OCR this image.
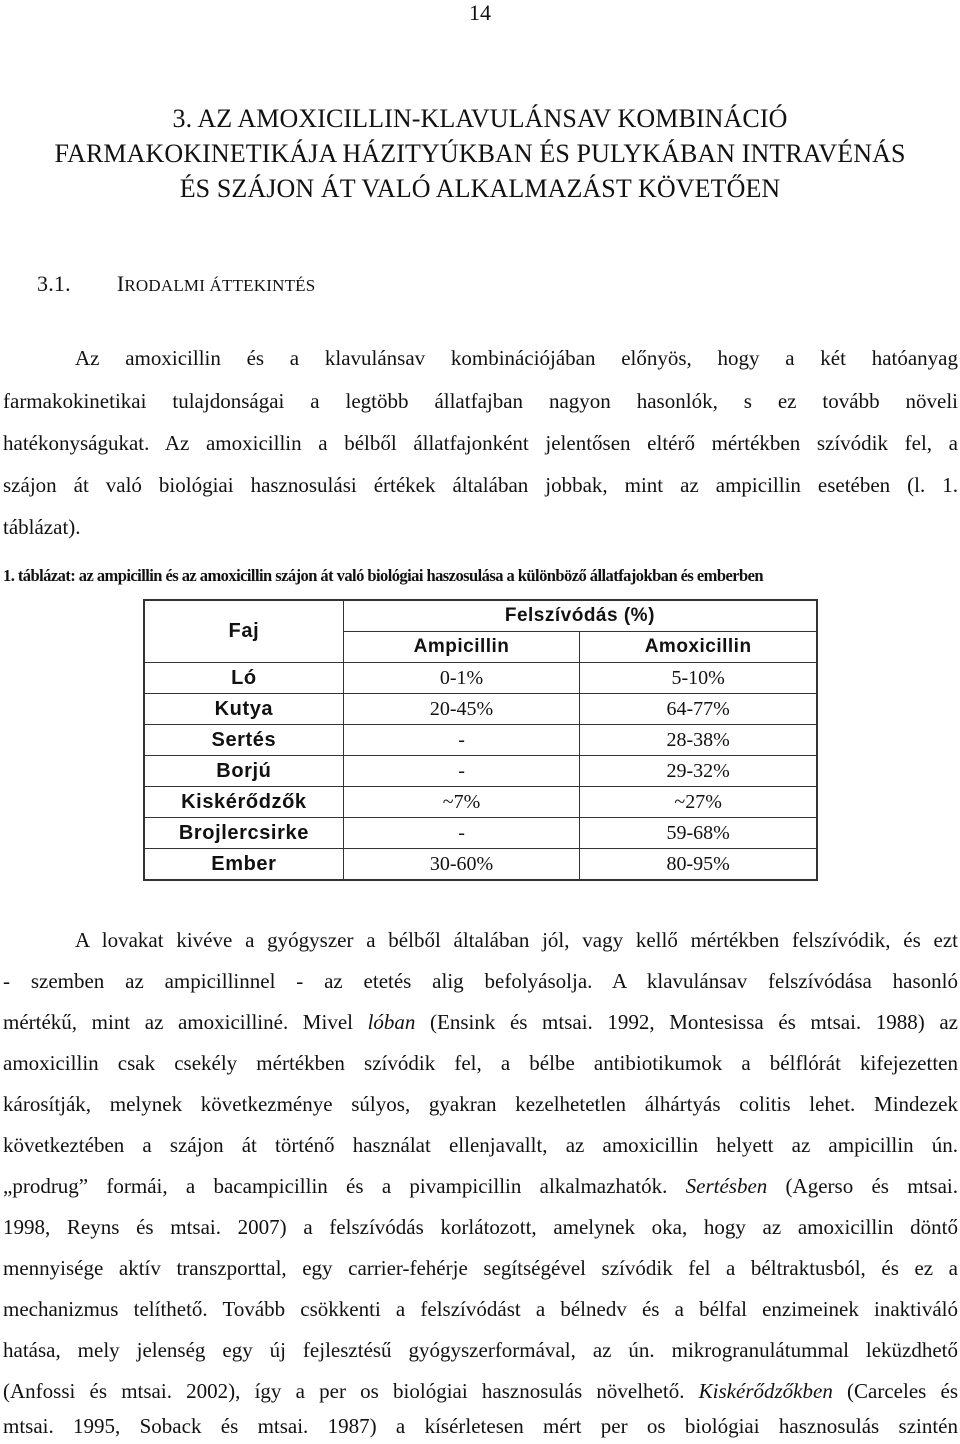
14
3. AZ AMOXICILLIN-KLAVULÁNSAV KOMBINÁCIÓ
FARMAKOKINETIKÁJA HÁZITYÚKBAN ÉS PULYKÁBAN INTRAVÉNÁS
ÉS SZÁJON ÁT VALÓ ALKALMAZÁST KÖVETŐEN
3.1. IRODALMI ÁTTEKINTÉS
Az amoxicillin és a klavulánsav kombinációjában előnyös, hogy a két hatóanyag
farmakokinetikai tulajdonságai a legtöbb állatfajban nagyon hasonlók, s ez tovább növeli
hatékonyságukat. Az amoxicillin a bélből állatfajonként jelentősen eltérő mértékben szívódik fel, a
szájon át való biológiai hasznosulási értékek általában jobbak, mint az ampicillin esetében (l. 1.
táblázat).
1. táblázat: az ampicillin és az amoxicillin szájon át való biológiai haszosulása a különböző állatfajokban és emberben
Faj	Felszívódás (%)	
	Ampicillin	Amoxicillin
Ló	0-1%	5-10%
Kutya	20-45%	64-77%
Sertés	-	28-38%
Borjú	-	29-32%
Kiskérődzők	~7%	~27%
Brojlercsirke	-	59-68%
Ember	30-60%	80-95%
A lovakat kivéve a gyógyszer a bélből általában jól, vagy kellő mértékben felszívódik, és ezt
- szemben az ampicillinnel - az etetés alig befolyásolja. A klavulánsav felszívódása hasonló
mértékű, mint az amoxicilliné. Mivel lóban (Ensink és mtsai. 1992, Montesissa és mtsai. 1988) az
amoxicillin csak csekély mértékben szívódik fel, a bélbe antibiotikumok a bélflórát kifejezetten
károsítják, melynek következménye súlyos, gyakran kezelhetetlen álhártyás colitis lehet. Mindezek
következtében a szájon át történő használat ellenjavallt, az amoxicillin helyett az ampicillin ún.
„prodrug” formái, a bacampicillin és a pivampicillin alkalmazhatók. Sertésben (Agerso és mtsai.
1998, Reyns és mtsai. 2007) a felszívódás korlátozott, amelynek oka, hogy az amoxicillin döntő
mennyisége aktív transzporttal, egy carrier-fehérje segítségével szívódik fel a béltraktusból, és ez a
mechanizmus telíthető. Tovább csökkenti a felszívódást a bélnedv és a bélfal enzimeinek inaktiváló
hatása, mely jelenség egy új fejlesztésű gyógyszerformával, az ún. mikrogranulátummal leküzdhető
(Anfossi és mtsai. 2002), így a per os biológiai hasznosulás növelhető. Kiskérődzőkben (Carceles és
mtsai. 1995, Soback és mtsai. 1987) a kísérletesen mért per os biológiai hasznosulás szintén
